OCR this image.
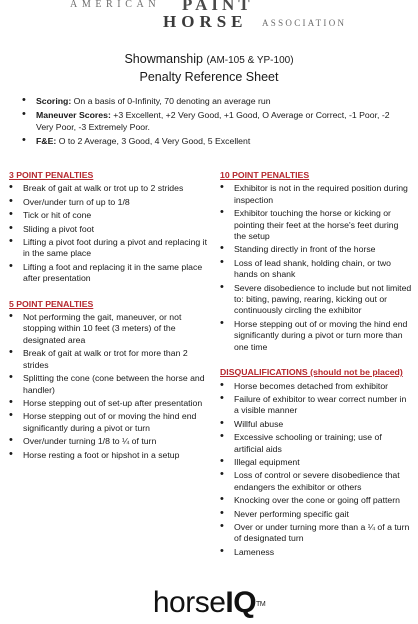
AMERICAN PAINT
HORSE ASSOCIATION
Showmanship (AM-105 & YP-100)
Penalty Reference Sheet
• Scoring: On a basis of 0-Infinity, 70 denoting an average run
• Maneuver Scores: +3 Excellent, +2 Very Good, +1 Good, O Average or Correct, -1 Poor, -2 Very Poor, -3 Extremely Poor.
• F&E: O to 2 Average, 3 Good, 4 Very Good, 5 Excellent
3 POINT PENALTIES
• Break of gait at walk or trot up to 2 strides
• Over/under turn of up to 1/8
• Tick or hit of cone
• Sliding a pivot foot
• Lifting a pivot foot during a pivot and replacing it in the same place
• Lifting a foot and replacing it in the same place after presentation
5 POINT PENALTIES
• Not performing the gait, maneuver, or not stopping within 10 feet (3 meters) of the designated area
• Break of gait at walk or trot for more than 2 strides
• Splitting the cone (cone between the horse and handler)
• Horse stepping out of set-up after presentation
• Horse stepping out of or moving the hind end significantly during a pivot or turn
• Over/under turning 1/8 to ¼ of turn
• Horse resting a foot or hipshot in a setup
10 POINT PENALTIES
• Exhibitor is not in the required position during inspection
• Exhibitor touching the horse or kicking or pointing their feet at the horse's feet during the setup
• Standing directly in front of the horse
• Loss of lead shank, holding chain, or two hands on shank
• Severe disobedience to include but not limited to: biting, pawing, rearing, kicking out or continuously circling the exhibitor
• Horse stepping out of or moving the hind end significantly during a pivot or turn more than one time
DISQUALIFICATIONS (should not be placed)
• Horse becomes detached from exhibitor
• Failure of exhibitor to wear correct number in a visible manner
• Willful abuse
• Excessive schooling or training; use of artificial aids
• Illegal equipment
• Loss of control or severe disobedience that endangers the exhibitor or others
• Knocking over the cone or going off pattern
• Never performing specific gait
• Over or under turning more than a ¼ of a turn of designated turn
• Lameness
horseIQ™
